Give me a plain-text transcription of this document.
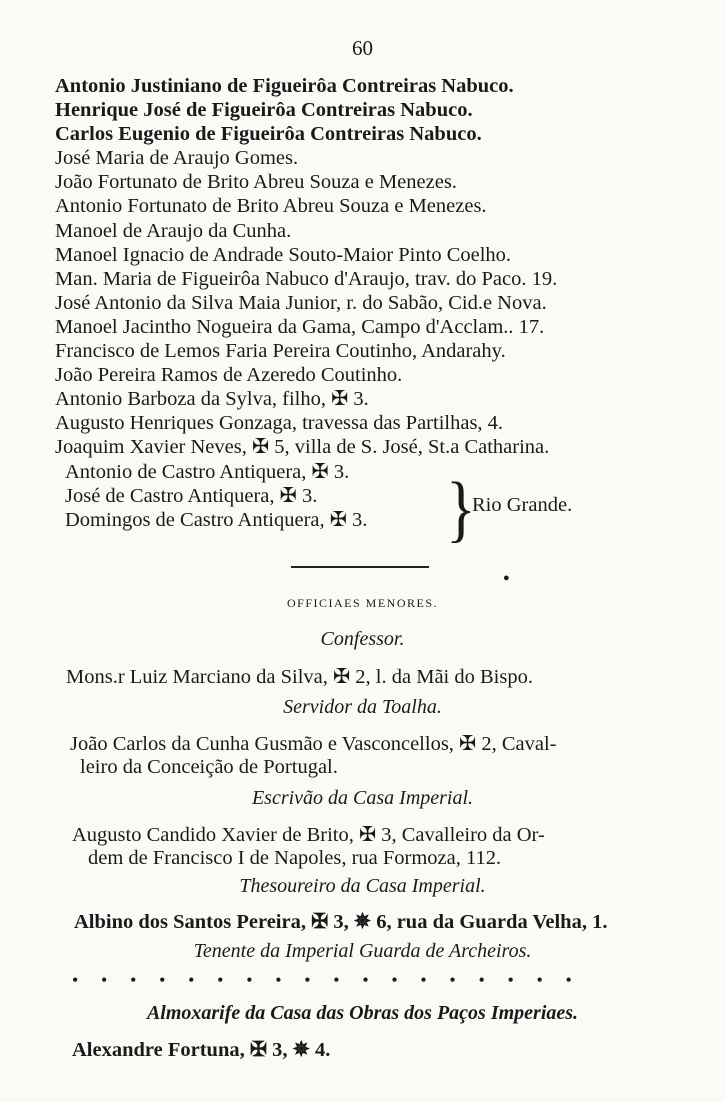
60
Antonio Justiniano de Figueirôa Contreiras Nabuco.
Henrique José de Figueirôa Contreiras Nabuco.
Carlos Eugenio de Figueirôa Contreiras Nabuco.
José Maria de Araujo Gomes.
João Fortunato de Brito Abreu Souza e Menezes.
Antonio Fortunato de Brito Abreu Souza e Menezes.
Manoel de Araujo da Cunha.
Manoel Ignacio de Andrade Souto-Maior Pinto Coelho.
Man. Maria de Figueirôa Nabuco d'Araujo, trav. do Paco. 19.
José Antonio da Silva Maia Junior, r. do Sabão, Cid.e Nova.
Manoel Jacintho Nogueira da Gama, Campo d'Acclam.. 17.
Francisco de Lemos Faria Pereira Coutinho, Andarahy.
João Pereira Ramos de Azeredo Coutinho.
Antonio Barboza da Sylva, filho, ✠ 3.
Augusto Henriques Gonzaga, travessa das Partilhas, 4.
Joaquim Xavier Neves, ✠ 5, villa de S. José, St.a Catharina.
Antonio de Castro Antiquera, ✠ 3.
José de Castro Antiquera, ✠ 3.
Domingos de Castro Antiquera, ✠ 3.	}
Rio Grande.
●
OFFICIAES MENORES.
Confessor.
Mons.r Luiz Marciano da Silva, ✠ 2, l. da Mãi do Bispo.
Servidor da Toalha.
João Carlos da Cunha Gusmão e Vasconcellos, ✠ 2, Caval-
leiro da Conceição de Portugal.
Escrivão da Casa Imperial.
Augusto Candido Xavier de Brito, ✠ 3, Cavalleiro da Or-
dem de Francisco I de Napoles, rua Formoza, 112.
Thesoureiro da Casa Imperial.
Albino dos Santos Pereira, ✠ 3, ✵ 6, rua da Guarda Velha, 1.
Tenente da Imperial Guarda de Archeiros.
• • • • • • • • • • • • • • • • • •
Almoxarife da Casa das Obras dos Paços Imperiaes.
Alexandre Fortuna, ✠ 3, ✵ 4.
